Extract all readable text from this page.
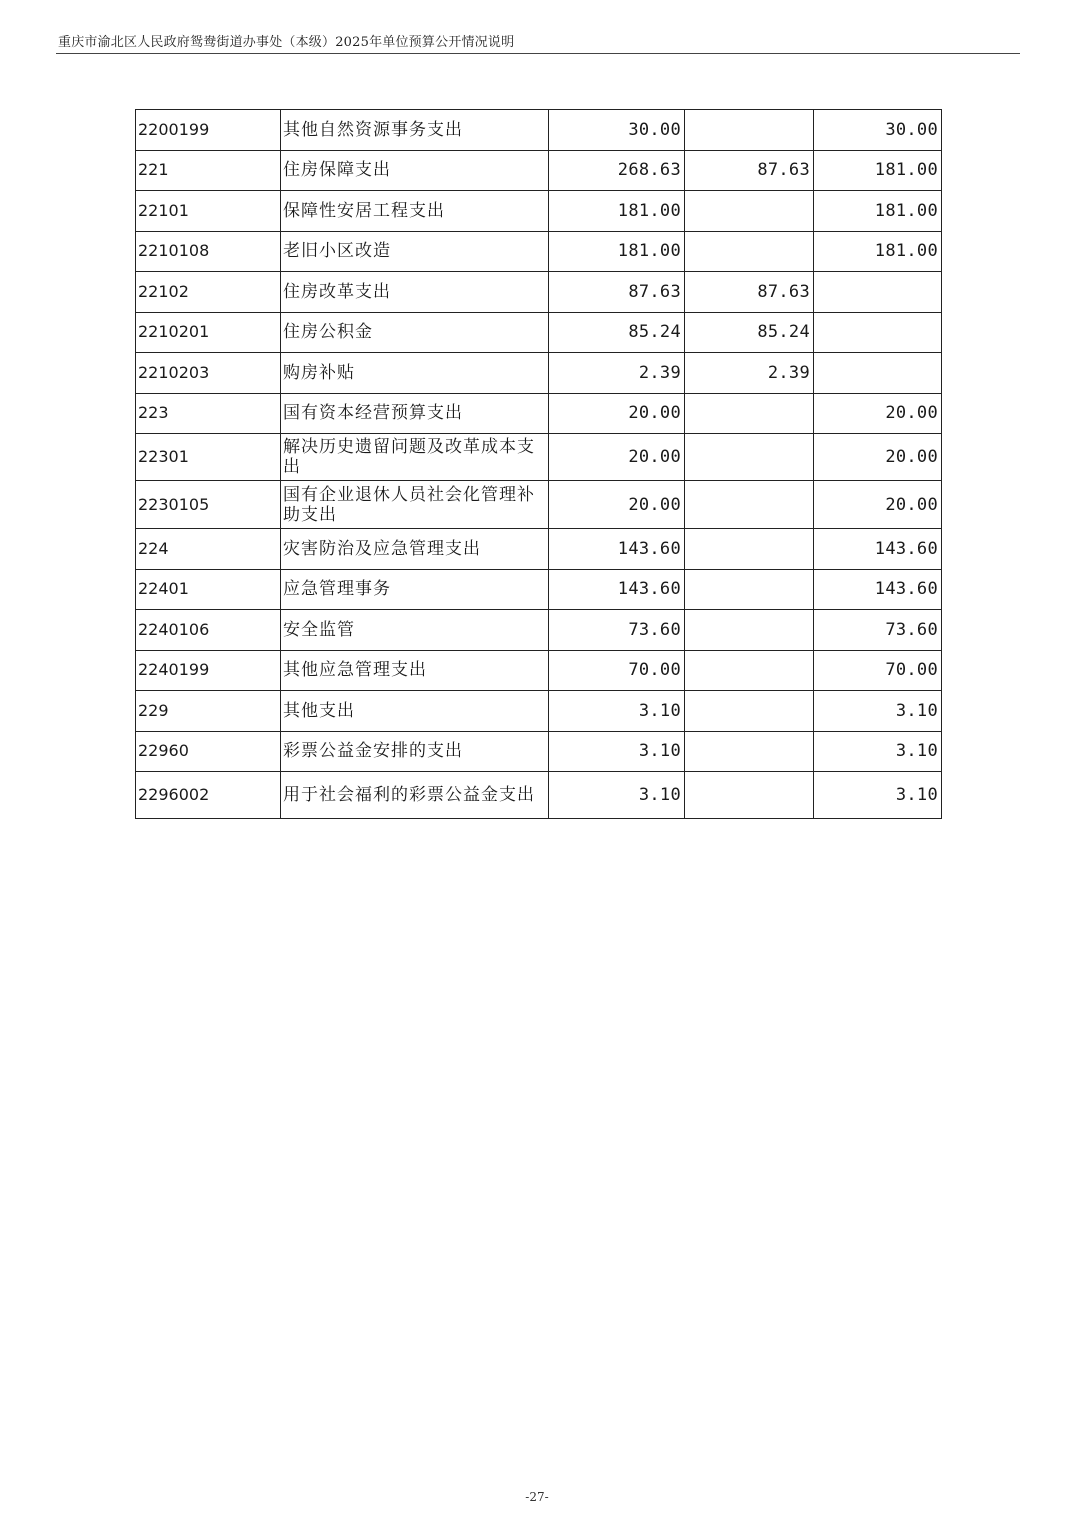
重庆市渝北区人民政府鸳鸯街道办事处（本级）2025年单位预算公开情况说明
2200199	其他自然资源事务支出	30.00		30.00
221	住房保障支出	268.63	87.63	181.00
22101	保障性安居工程支出	181.00		181.00
2210108	老旧小区改造	181.00		181.00
22102	住房改革支出	87.63	87.63	
2210201	住房公积金	85.24	85.24	
2210203	购房补贴	2.39	2.39	
223	国有资本经营预算支出	20.00		20.00
22301	解决历史遗留问题及改革成本支出	20.00		20.00
2230105	国有企业退休人员社会化管理补助支出	20.00		20.00
224	灾害防治及应急管理支出	143.60		143.60
22401	应急管理事务	143.60		143.60
2240106	安全监管	73.60		73.60
2240199	其他应急管理支出	70.00		70.00
229	其他支出	3.10		3.10
22960	彩票公益金安排的支出	3.10		3.10
2296002	用于社会福利的彩票公益金支出	3.10		3.10
-27-
